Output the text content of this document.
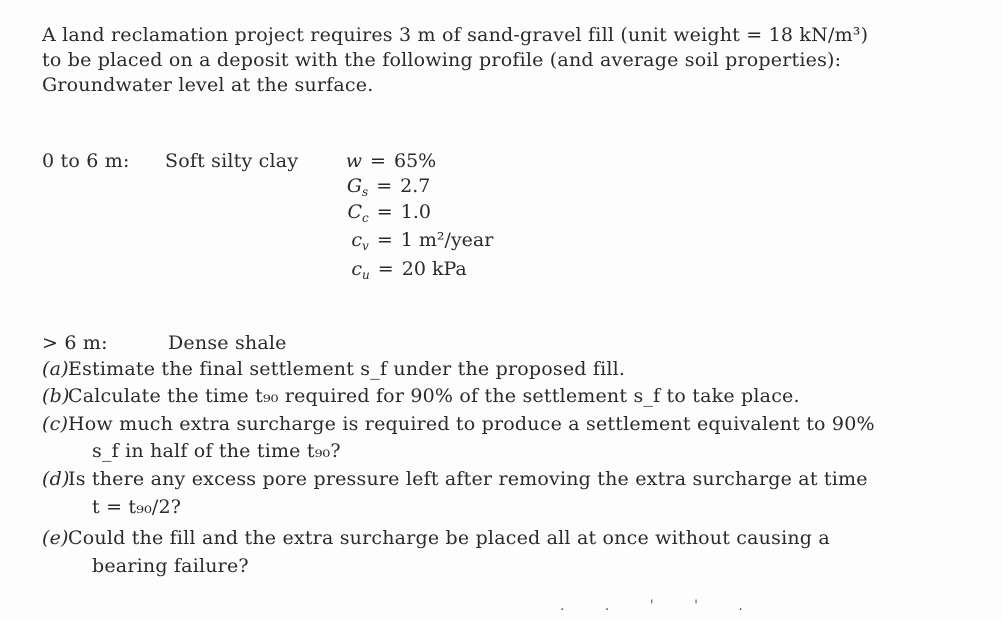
A land reclamation project requires 3 m of sand-gravel fill (unit weight = 18 kN/m³)
to be placed on a deposit with the following profile (and average soil properties):
Groundwater level at the surface.
0 to 6 m: Soft silty clay	w = 65%
$G_s = 2.7$
$C_c = 1.0$
$c_v = 1$ m²/year
$c_u = 20$ kPa
> 6 m:	Dense shale
(a)Estimate the final settlement s_f under the proposed fill.
(b)Calculate the time t₉₀ required for 90% of the settlement s_f to take place.
(c)How much extra surcharge is required to produce a settlement equivalent to 90%
s_f in half of the time t₉₀?
(d)Is there any excess pore pressure left after removing the extra surcharge at time
t = t₉₀/2?
(e)Could the fill and the extra surcharge be placed all at once without causing a
bearing failure?
. . ' ' .
